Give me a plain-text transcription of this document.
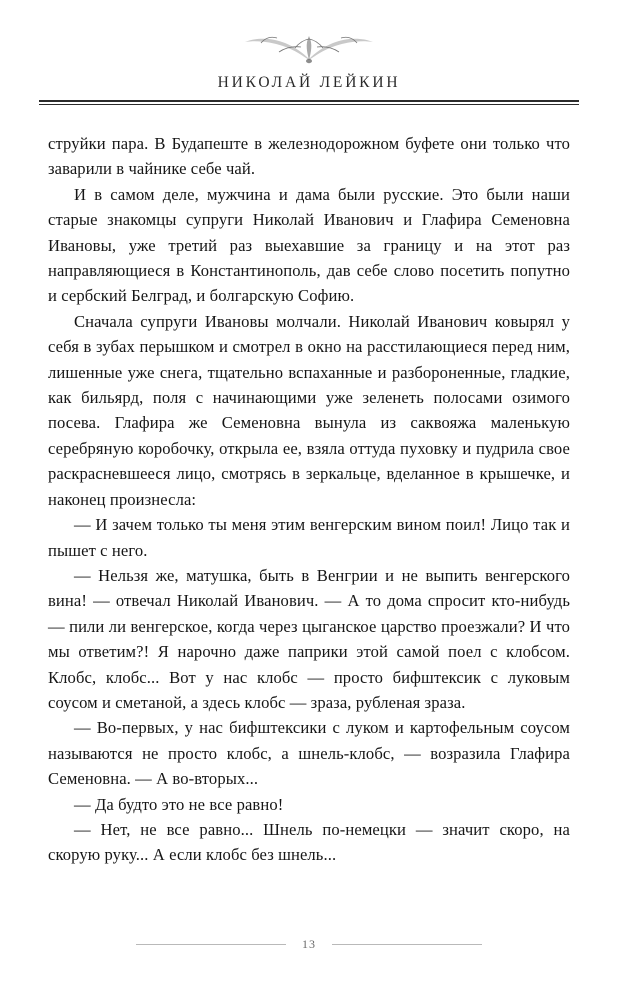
НИКОЛАЙ ЛЕЙКИН

струйки пара. В Будапеште в железнодорожном буфете они только что заварили в чайнике себе чай.

И в самом деле, мужчина и дама были русские. Это были наши старые знакомцы супруги Николай Иванович и Глафира Семеновна Ивановы, уже третий раз выехавшие за границу и на этот раз направляющиеся в Константинополь, дав себе слово посетить попутно и сербский Белград, и болгарскую Софию.

Сначала супруги Ивановы молчали. Николай Иванович ковырял у себя в зубах перышком и смотрел в окно на расстилающиеся перед ним, лишенные уже снега, тщательно вспаханные и разбороненные, гладкие, как бильярд, поля с начинающими уже зеленеть полосами озимого посева. Глафира же Семеновна вынула из саквояжа маленькую серебряную коробочку, открыла ее, взяла оттуда пуховку и пудрила свое раскрасневшееся лицо, смотрясь в зеркальце, вделанное в крышечке, и наконец произнесла:

— И зачем только ты меня этим венгерским вином поил! Лицо так и пышет с него.

— Нельзя же, матушка, быть в Венгрии и не выпить венгерского вина! — отвечал Николай Иванович. — А то дома спросит кто-нибудь — пили ли венгерское, когда через цыганское царство проезжали? И что мы ответим?! Я нарочно даже паприки этой самой поел с клобсом. Клобс, клобс... Вот у нас клобс — просто бифштексик с луковым соусом и сметаной, а здесь клобс — зраза, рубленая зраза.

— Во-первых, у нас бифштексики с луком и картофельным соусом называются не просто клобс, а шнель-клобс, — возразила Глафира Семеновна. — А во-вторых...

— Да будто это не все равно!

— Нет, не все равно... Шнель по-немецки — значит скоро, на скорую руку... А если клобс без шнель...

13
